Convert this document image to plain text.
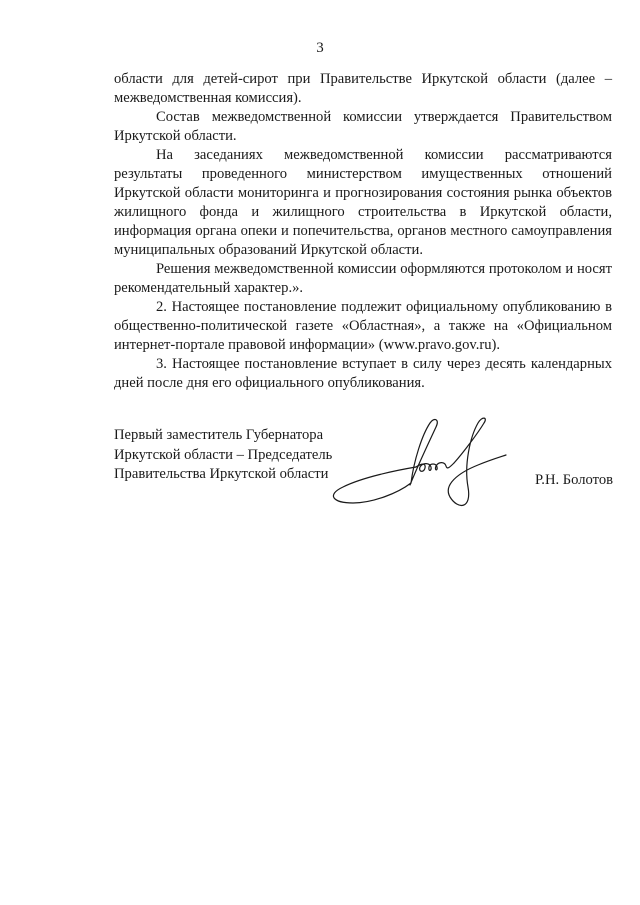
3

области для детей-сирот при Правительстве Иркутской области (далее – межведомственная комиссия).

Состав межведомственной комиссии утверждается Правительством Иркутской области.

На заседаниях межведомственной комиссии рассматриваются результаты проведенного министерством имущественных отношений Иркутской области мониторинга и прогнозирования состояния рынка объектов жилищного фонда и жилищного строительства в Иркутской области, информация органа опеки и попечительства, органов местного самоуправления муниципальных образований Иркутской области.

Решения межведомственной комиссии оформляются протоколом и носят рекомендательный характер.».

2. Настоящее постановление подлежит официальному опубликованию в общественно-политической газете «Областная», а также на «Официальном интернет-портале правовой информации» (www.pravo.gov.ru).

3. Настоящее постановление вступает в силу через десять календарных дней после дня его официального опубликования.

Первый заместитель Губернатора
Иркутской области – Председатель
Правительства Иркутской области	Р.Н. Болотов
